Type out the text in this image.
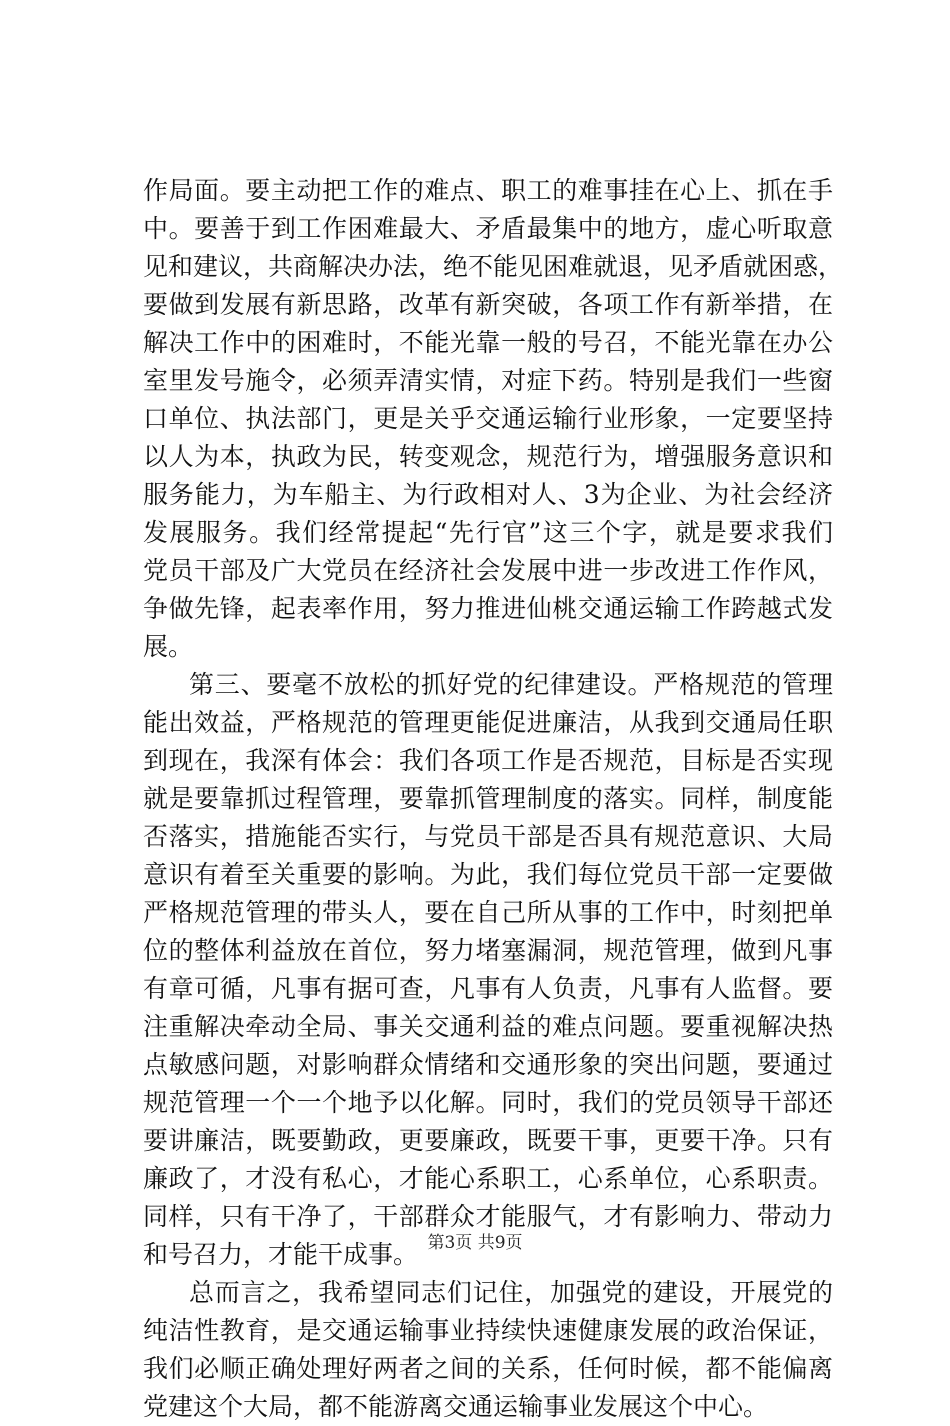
作局面。要主动把工作的难点、职工的难事挂在心上、抓在手
中。要善于到工作困难最大、矛盾最集中的地方，虚心听取意
见和建议，共商解决办法，绝不能见困难就退，见矛盾就困惑，
要做到发展有新思路，改革有新突破，各项工作有新举措，在
解决工作中的困难时，不能光靠一般的号召，不能光靠在办公
室里发号施令，必须弄清实情，对症下药。特别是我们一些窗
口单位、执法部门，更是关乎交通运输行业形象，一定要坚持
以人为本，执政为民，转变观念，规范行为，增强服务意识和
服务能力，为车船主、为行政相对人、3为企业、为社会经济
发展服务。我们经常提起“先行官”这三个字，就是要求我们
党员干部及广大党员在经济社会发展中进一步改进工作作风，
争做先锋，起表率作用，努力推进仙桃交通运输工作跨越式发
展。
第三、要毫不放松的抓好党的纪律建设。严格规范的管理
能出效益，严格规范的管理更能促进廉洁，从我到交通局任职
到现在，我深有体会：我们各项工作是否规范，目标是否实现
就是要靠抓过程管理，要靠抓管理制度的落实。同样，制度能
否落实，措施能否实行，与党员干部是否具有规范意识、大局
意识有着至关重要的影响。为此，我们每位党员干部一定要做
严格规范管理的带头人，要在自己所从事的工作中，时刻把单
位的整体利益放在首位，努力堵塞漏洞，规范管理，做到凡事
有章可循，凡事有据可查，凡事有人负责，凡事有人监督。要
注重解决牵动全局、事关交通利益的难点问题。要重视解决热
点敏感问题，对影响群众情绪和交通形象的突出问题，要通过
规范管理一个一个地予以化解。同时，我们的党员领导干部还
要讲廉洁，既要勤政，更要廉政，既要干事，更要干净。只有
廉政了，才没有私心，才能心系职工，心系单位，心系职责。
同样，只有干净了，干部群众才能服气，才有影响力、带动力
和号召力，才能干成事。
总而言之，我希望同志们记住，加强党的建设，开展党的
纯洁性教育，是交通运输事业持续快速健康发展的政治保证，
我们必顺正确处理好两者之间的关系，任何时候，都不能偏离
党建这个大局，都不能游离交通运输事业发展这个中心。
第3页 共9页
